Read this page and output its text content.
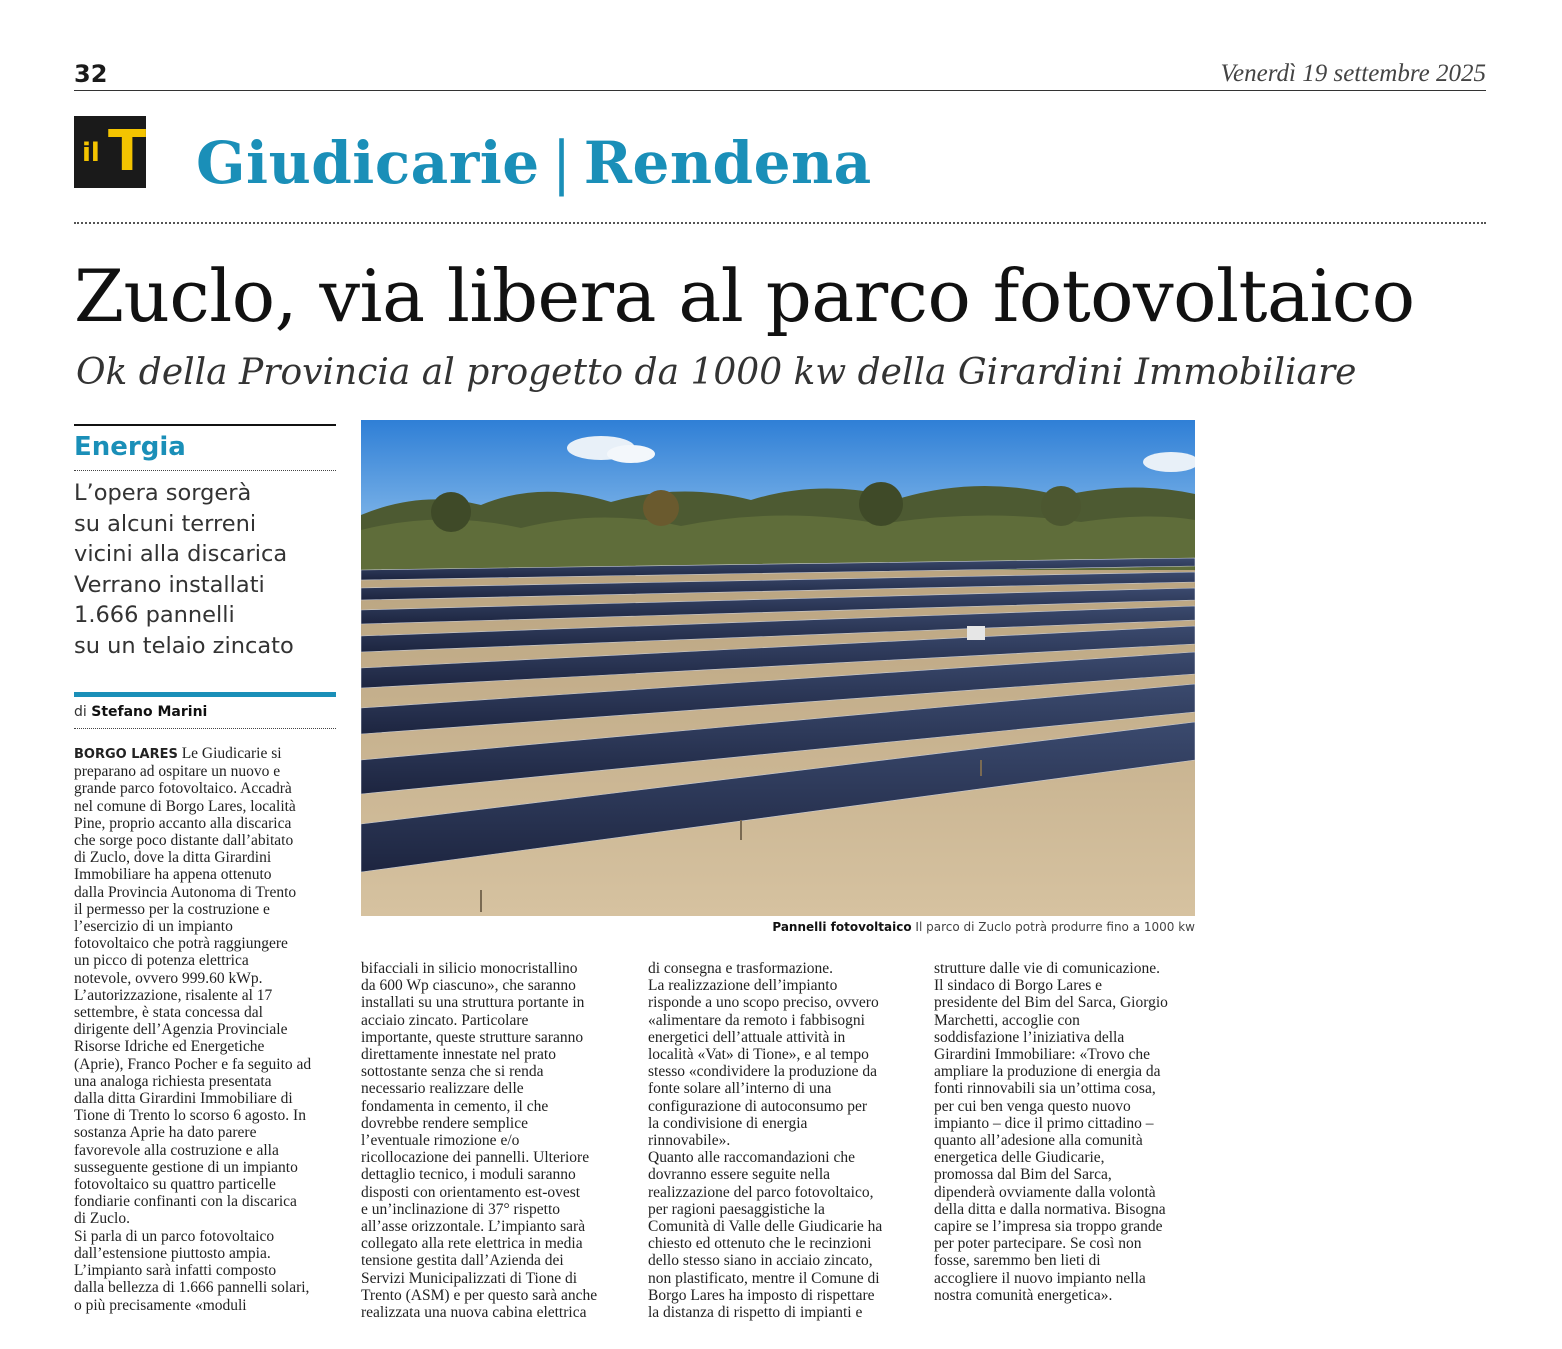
32	Venerdì 19 settembre 2025
il T Giudicarie | Rendena
Zuclo, via libera al parco fotovoltaico
Ok della Provincia al progetto da 1000 kw della Girardini Immobiliare
Energia
L’opera sorgerà
su alcuni terreni
vicini alla discarica
Verrano installati
1.666 pannelli
su un telaio zincato
di Stefano Marini
Pannelli fotovoltaico Il parco di Zuclo potrà produrre fino a 1000 kw
BORGO LARES Le Giudicarie si
preparano ad ospitare un nuovo e
grande parco fotovoltaico. Accadrà
nel comune di Borgo Lares, località
Pine, proprio accanto alla discarica
che sorge poco distante dall’abitato
di Zuclo, dove la ditta Girardini
Immobiliare ha appena ottenuto
dalla Provincia Autonoma di Trento
il permesso per la costruzione e
l’esercizio di un impianto
fotovoltaico che potrà raggiungere
un picco di potenza elettrica
notevole, ovvero 999.60 kWp.
L’autorizzazione, risalente al 17
settembre, è stata concessa dal
dirigente dell’Agenzia Provinciale
Risorse Idriche ed Energetiche
(Aprie), Franco Pocher e fa seguito ad
una analoga richiesta presentata
dalla ditta Girardini Immobiliare di
Tione di Trento lo scorso 6 agosto. In
sostanza Aprie ha dato parere
favorevole alla costruzione e alla
susseguente gestione di un impianto
fotovoltaico su quattro particelle
fondiarie confinanti con la discarica
di Zuclo.
Si parla di un parco fotovoltaico
dall’estensione piuttosto ampia.
L’impianto sarà infatti composto
dalla bellezza di 1.666 pannelli solari,
o più precisamente «moduli
bifacciali in silicio monocristallino
da 600 Wp ciascuno», che saranno
installati su una struttura portante in
acciaio zincato. Particolare
importante, queste strutture saranno
direttamente innestate nel prato
sottostante senza che si renda
necessario realizzare delle
fondamenta in cemento, il che
dovrebbe rendere semplice
l’eventuale rimozione e/o
ricollocazione dei pannelli. Ulteriore
dettaglio tecnico, i moduli saranno
disposti con orientamento est-ovest
e un’inclinazione di 37° rispetto
all’asse orizzontale. L’impianto sarà
collegato alla rete elettrica in media
tensione gestita dall’Azienda dei
Servizi Municipalizzati di Tione di
Trento (ASM) e per questo sarà anche
realizzata una nuova cabina elettrica
di consegna e trasformazione.
La realizzazione dell’impianto
risponde a uno scopo preciso, ovvero
«alimentare da remoto i fabbisogni
energetici dell’attuale attività in
località «Vat» di Tione», e al tempo
stesso «condividere la produzione da
fonte solare all’interno di una
configurazione di autoconsumo per
la condivisione di energia
rinnovabile».
Quanto alle raccomandazioni che
dovranno essere seguite nella
realizzazione del parco fotovoltaico,
per ragioni paesaggistiche la
Comunità di Valle delle Giudicarie ha
chiesto ed ottenuto che le recinzioni
dello stesso siano in acciaio zincato,
non plastificato, mentre il Comune di
Borgo Lares ha imposto di rispettare
la distanza di rispetto di impianti e
strutture dalle vie di comunicazione.
Il sindaco di Borgo Lares e
presidente del Bim del Sarca, Giorgio
Marchetti, accoglie con
soddisfazione l’iniziativa della
Girardini Immobiliare: «Trovo che
ampliare la produzione di energia da
fonti rinnovabili sia un’ottima cosa,
per cui ben venga questo nuovo
impianto – dice il primo cittadino –
quanto all’adesione alla comunità
energetica delle Giudicarie,
promossa dal Bim del Sarca,
dipenderà ovviamente dalla volontà
della ditta e dalla normativa. Bisogna
capire se l’impresa sia troppo grande
per poter partecipare. Se così non
fosse, saremmo ben lieti di
accogliere il nuovo impianto nella
nostra comunità energetica».
